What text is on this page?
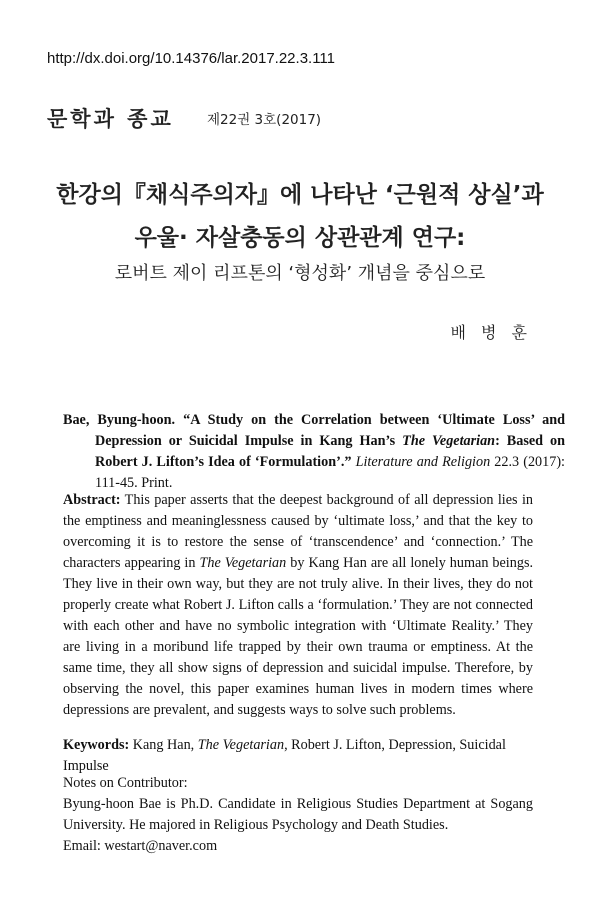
http://dx.doi.org/10.14376/lar.2017.22.3.111
문학과 종교 제22권 3호(2017)
한강의『채식주의자』에 나타난 ‘근원적 상실’과
우울· 자살충동의 상관관계 연구:
로버트 제이 리프톤의 ‘형성화’ 개념을 중심으로
배 병 훈
Bae, Byung-hoon. “A Study on the Correlation between ‘Ultimate Loss’ and Depression or Suicidal Impulse in Kang Han’s The Vegetarian: Based on Robert J. Lifton’s Idea of ‘Formulation’.” Literature and Religion 22.3 (2017): 111-45. Print.
Abstract: This paper asserts that the deepest background of all depression lies in the emptiness and meaninglessness caused by ‘ultimate loss,’ and that the key to overcoming it is to restore the sense of ‘transcendence’ and ‘connection.’ The characters appearing in The Vegetarian by Kang Han are all lonely human beings. They live in their own way, but they are not truly alive. In their lives, they do not properly create what Robert J. Lifton calls a ‘formulation.’ They are not connected with each other and have no symbolic integration with ‘Ultimate Reality.’ They are living in a moribund life trapped by their own trauma or emptiness. At the same time, they all show signs of depression and suicidal impulse. Therefore, by observing the novel, this paper examines human lives in modern times where depressions are prevalent, and suggests ways to solve such problems.
Keywords: Kang Han, The Vegetarian, Robert J. Lifton, Depression, Suicidal Impulse
Notes on Contributor:
Byung-hoon Bae is Ph.D. Candidate in Religious Studies Department at Sogang University. He majored in Religious Psychology and Death Studies.
Email: westart@naver.com
